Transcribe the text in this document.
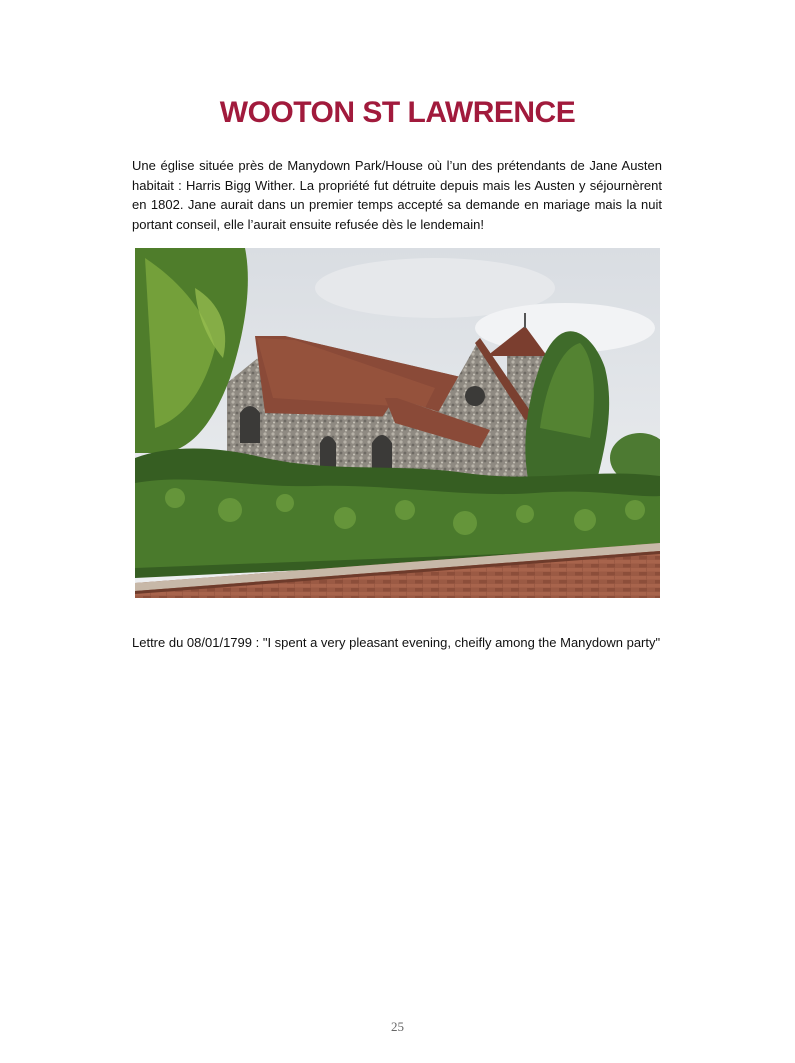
WOOTON ST LAWRENCE

Une église située près de Manydown Park/House où l’un des prétendants de Jane Austen habitait : Harris Bigg Wither. La propriété fut détruite depuis mais les Austen y séjournèrent en 1802. Jane aurait dans un premier temps accepté sa demande en mariage mais la nuit portant conseil, elle l’aurait ensuite refusée dès le lendemain!

Lettre du 08/01/1799 : "I spent a very pleasant evening, cheifly among the Manydown party"

25
